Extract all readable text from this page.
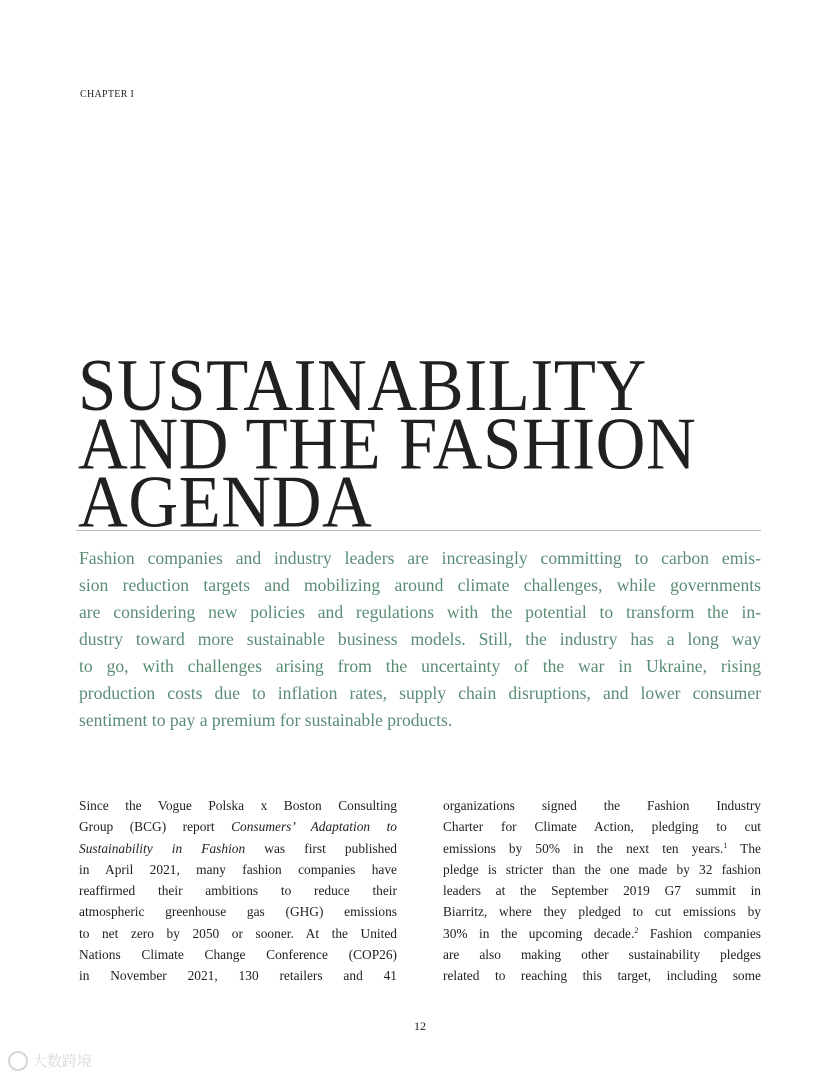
CHAPTER I
SUSTAINABILITY
AND THE FASHION
AGENDA

Fashion companies and industry leaders are increasingly committing to carbon emis-
sion reduction targets and mobilizing around climate challenges, while governments
are considering new policies and regulations with the potential to transform the in-
dustry toward more sustainable business models. Still, the industry has a long way
to go, with challenges arising from the uncertainty of the war in Ukraine, rising
production costs due to inflation rates, supply chain disruptions, and lower consumer
sentiment to pay a premium for sustainable products.

Since the Vogue Polska x Boston Consulting
Group (BCG) report Consumers’ Adaptation to
Sustainability in Fashion was first published
in April 2021, many fashion companies have
reaffirmed their ambitions to reduce their
atmospheric greenhouse gas (GHG) emissions
to net zero by 2050 or sooner. At the United
Nations Climate Change Conference (COP26)
in November 2021, 130 retailers and 41
organizations signed the Fashion Industry
Charter for Climate Action, pledging to cut
emissions by 50% in the next ten years.$^1$ The
pledge is stricter than the one made by 32 fashion
leaders at the September 2019 G7 summit in
Biarritz, where they pledged to cut emissions by
30% in the upcoming decade.$^2$ Fashion companies
are also making other sustainability pledges
related to reaching this target, including some
12
大数跨境
